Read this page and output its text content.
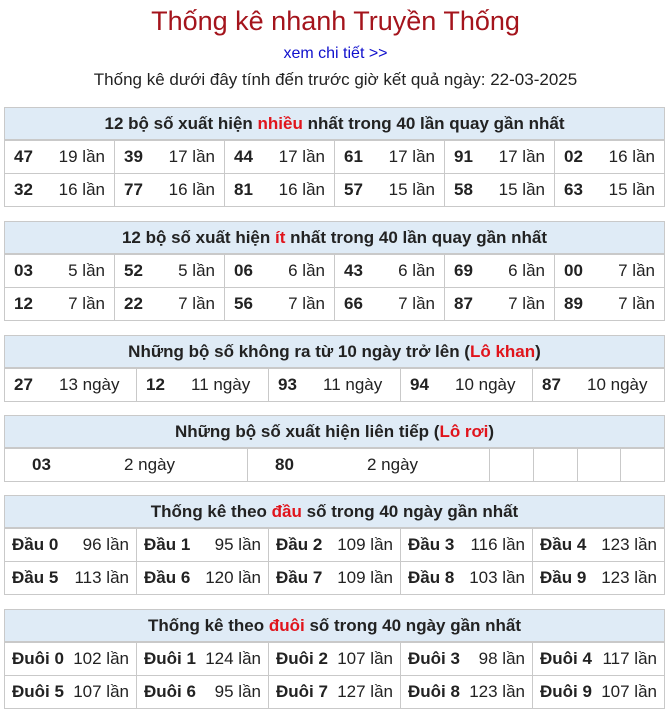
Thống kê nhanh Truyền Thống
xem chi tiết >>
Thống kê dưới đây tính đến trước giờ kết quả ngày: 22-03-2025
12 bộ số xuất hiện nhiều nhất trong 40 lần quay gần nhất
47 19 lần 39 17 lần 44 17 lần 61 17 lần 91 17 lần 02 16 lần
32 16 lần 77 16 lần 81 16 lần 57 15 lần 58 15 lần 63 15 lần
12 bộ số xuất hiện ít nhất trong 40 lần quay gần nhất
03 5 lần 52 5 lần 06 6 lần 43 6 lần 69 6 lần 00 7 lần
12 7 lần 22 7 lần 56 7 lần 66 7 lần 87 7 lần 89 7 lần
Những bộ số không ra từ 10 ngày trở lên (Lô khan)
27	13 ngày 12	11 ngày 93	11 ngày 94	10 ngày 87	10 ngày
Những bộ số xuất hiện liên tiếp (Lô rơi)
03	2 ngày	80	2 ngày
Thống kê theo đầu số trong 40 ngày gần nhất
Đầu 0 96 lần Đầu 1 95 lần Đầu 2 109 lần Đầu 3 116 lần Đầu 4 123 lần
Đầu 5 113 lần Đầu 6 120 lần Đầu 7 109 lần Đầu 8 103 lần Đầu 9 123 lần
Thống kê theo đuôi số trong 40 ngày gần nhất
Đuôi 0 102 lần Đuôi 1 124 lần Đuôi 2 107 lần Đuôi 3 98 lần Đuôi 4 117 lần
Đuôi 5 107 lần Đuôi 6 95 lần Đuôi 7 127 lần Đuôi 8 123 lần Đuôi 9 107 lần
